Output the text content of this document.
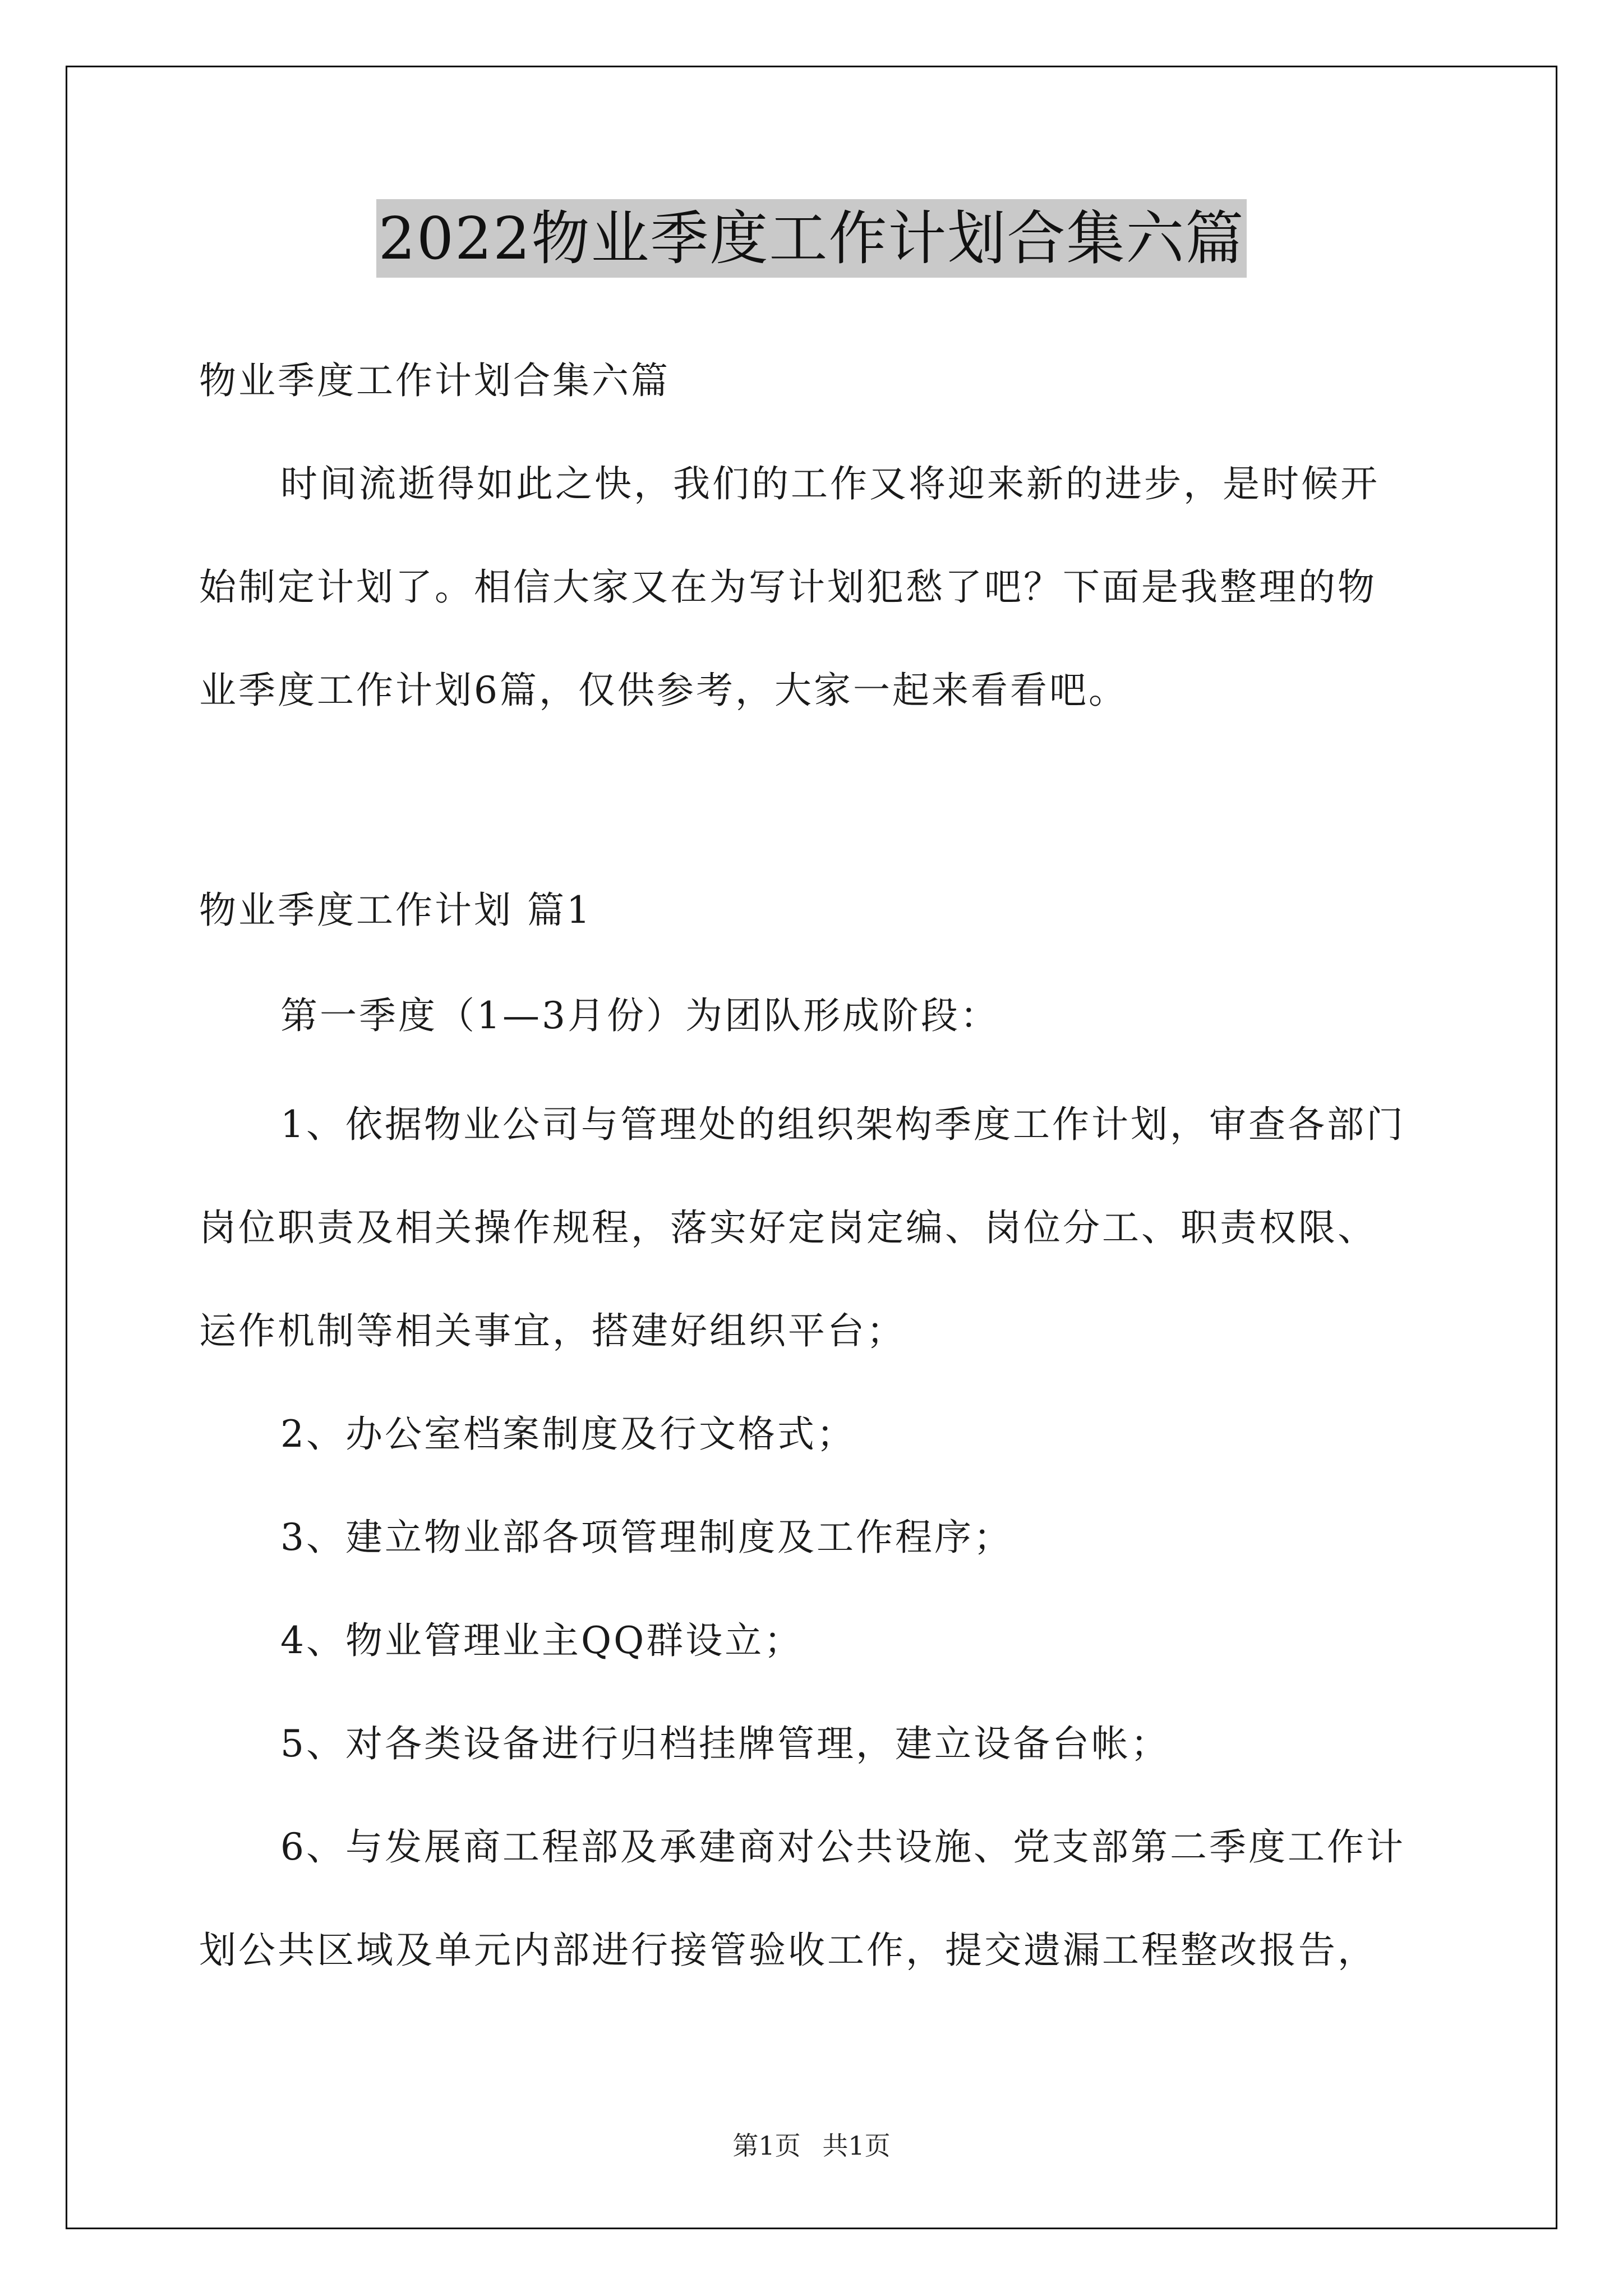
2022物业季度工作计划合集六篇
物业季度工作计划合集六篇
时间流逝得如此之快，我们的工作又将迎来新的进步，是时候开
始制定计划了。相信大家又在为写计划犯愁了吧？下面是我整理的物
业季度工作计划6篇，仅供参考，大家一起来看看吧。
物业季度工作计划 篇1
第一季度（1—3月份）为团队形成阶段：
1、依据物业公司与管理处的组织架构季度工作计划，审查各部门
岗位职责及相关操作规程，落实好定岗定编、岗位分工、职责权限、
运作机制等相关事宜，搭建好组织平台；
2、办公室档案制度及行文格式；
3、建立物业部各项管理制度及工作程序；
4、物业管理业主QQ群设立；
5、对各类设备进行归档挂牌管理，建立设备台帐；
6、与发展商工程部及承建商对公共设施、党支部第二季度工作计
划公共区域及单元内部进行接管验收工作，提交遗漏工程整改报告，
第1页 共1页
